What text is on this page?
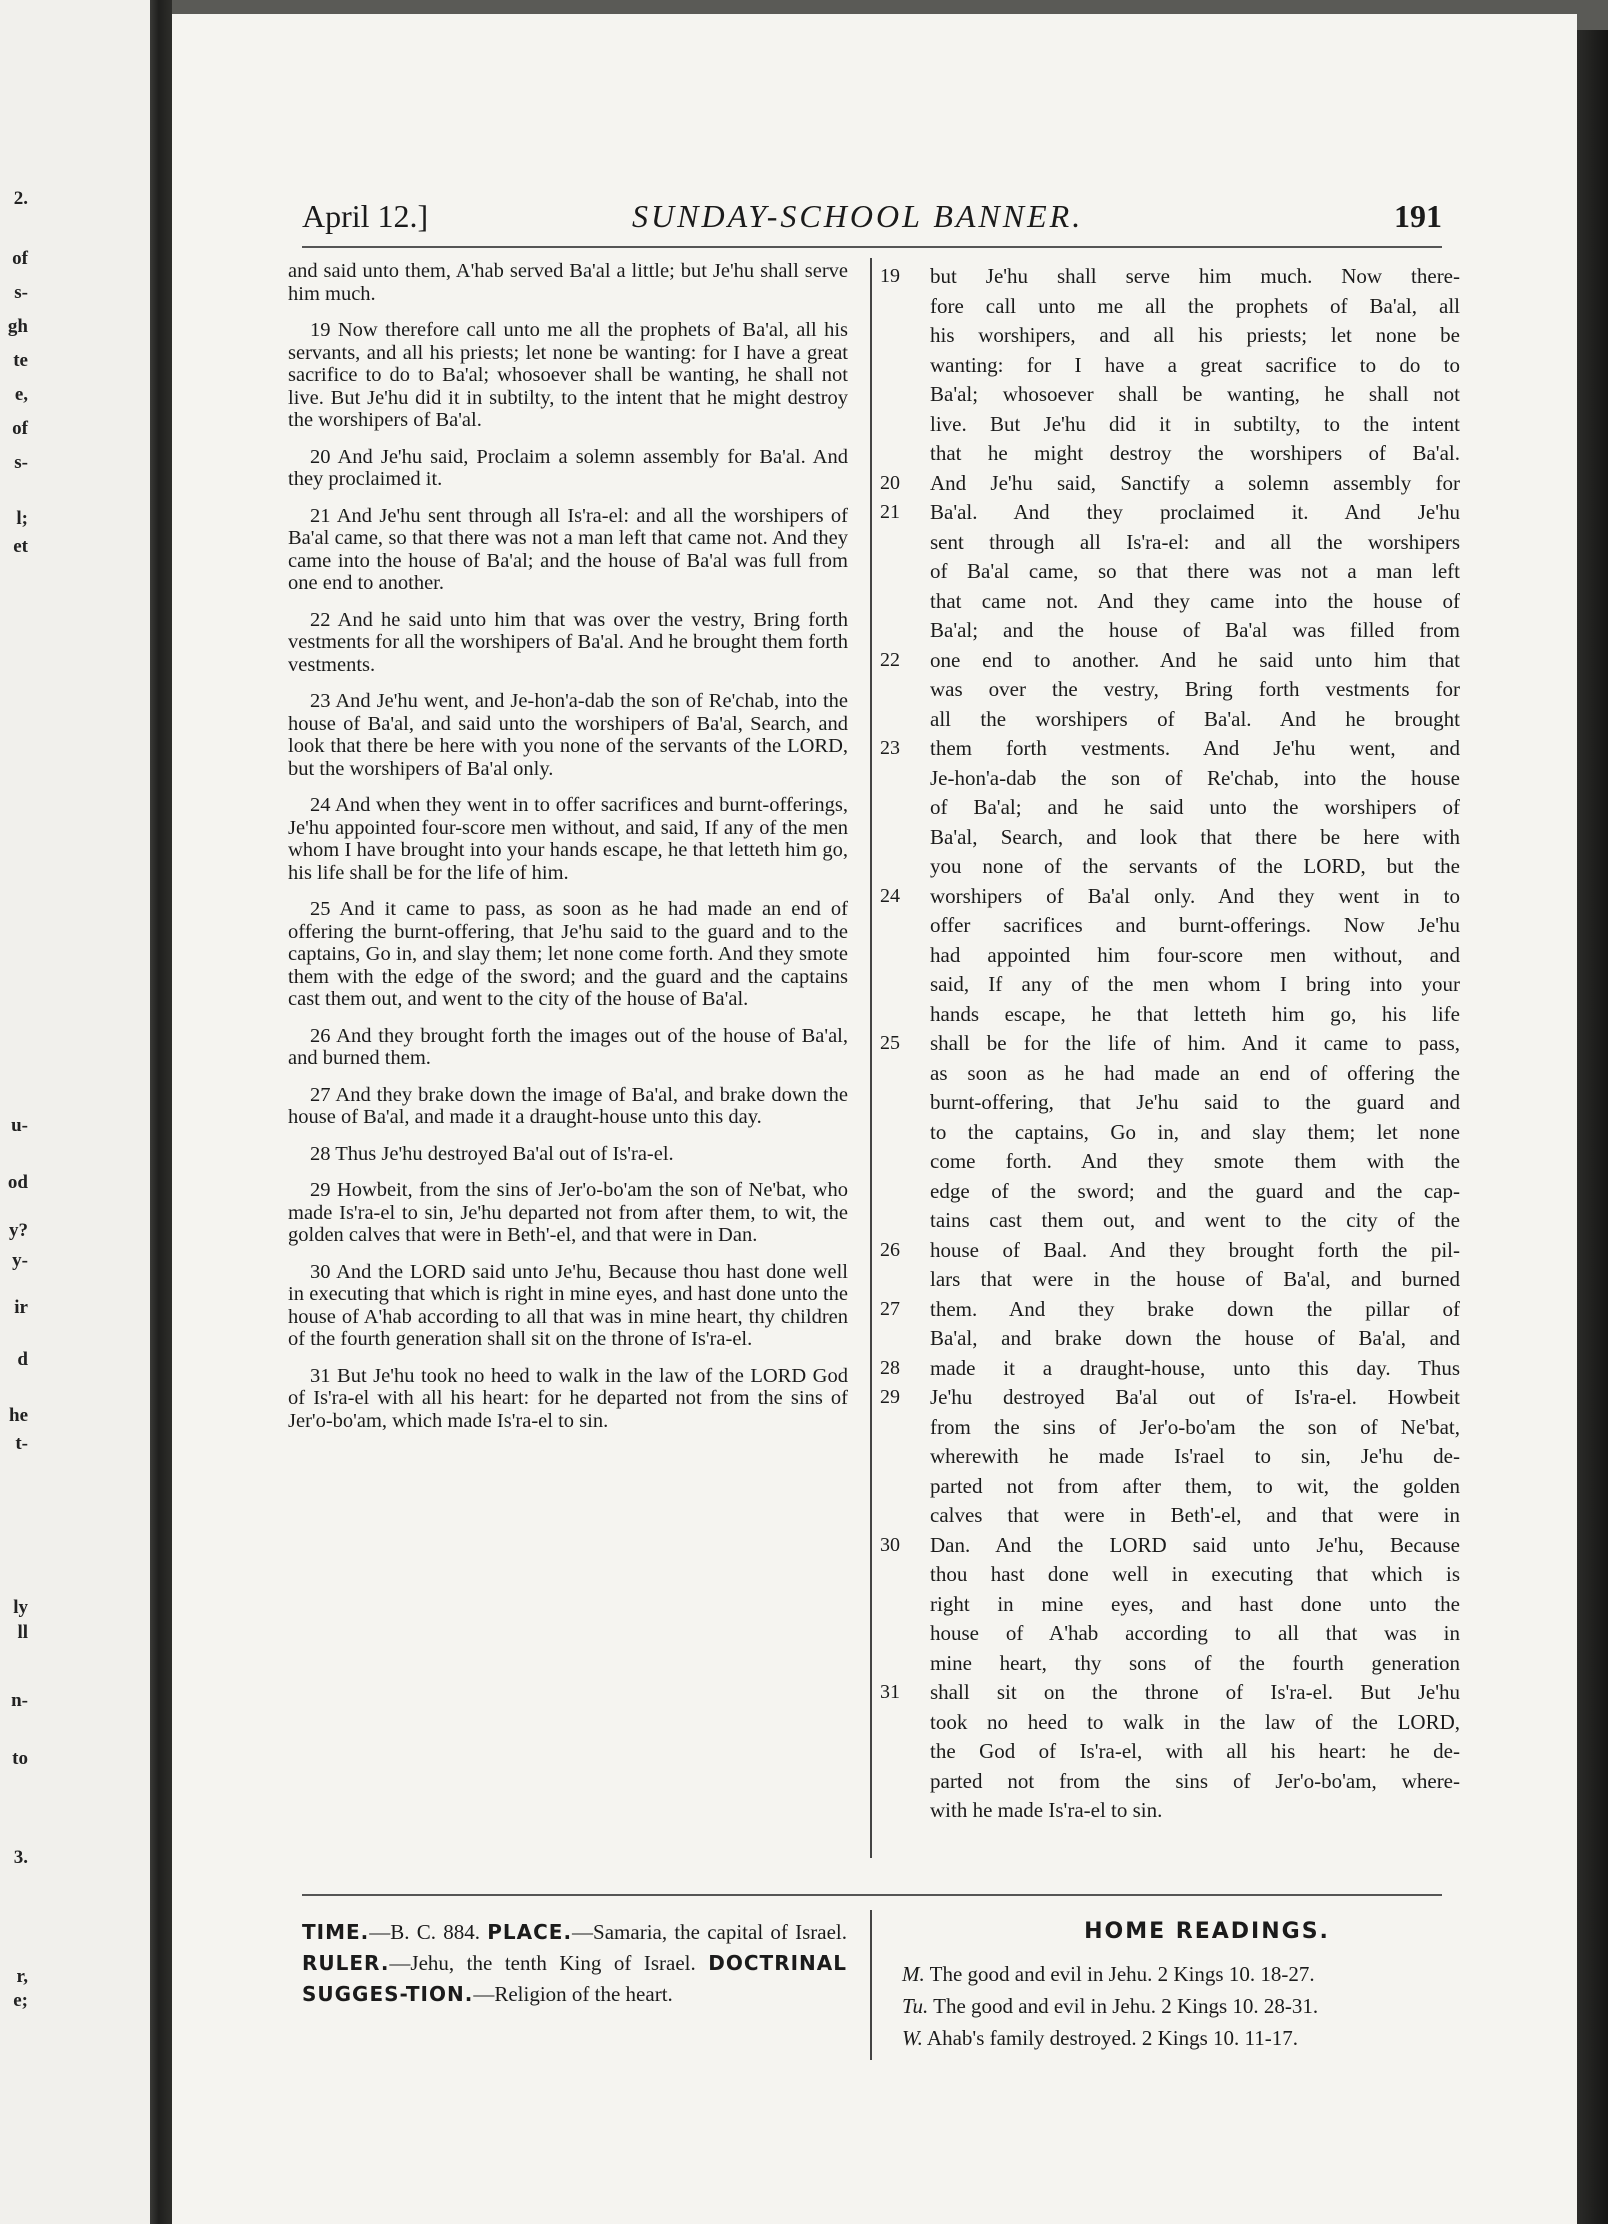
2.
of
s-
gh
te
e,
of
s-
l;
et
u-
od
y?
y-
ir
d
he
t-
ly
ll
n-
to
3.
r,
e;
April 12.]	SUNDAY-SCHOOL BANNER.	191

and said unto them, A'hab served Ba'al a little; but Je'hu shall serve him much.

19 Now therefore call unto me all the prophets of Ba'al, all his servants, and all his priests; let none be wanting: for I have a great sacrifice to do to Ba'al; whosoever shall be wanting, he shall not live. But Je'hu did it in subtilty, to the intent that he might destroy the worshipers of Ba'al.

20 And Je'hu said, Proclaim a solemn assembly for Ba'al. And they proclaimed it.

21 And Je'hu sent through all Is'ra-el: and all the worshipers of Ba'al came, so that there was not a man left that came not. And they came into the house of Ba'al; and the house of Ba'al was full from one end to another.

22 And he said unto him that was over the vestry, Bring forth vestments for all the worshipers of Ba'al. And he brought them forth vestments.

23 And Je'hu went, and Je-hon'a-dab the son of Re'chab, into the house of Ba'al, and said unto the worshipers of Ba'al, Search, and look that there be here with you none of the servants of the LORD, but the worshipers of Ba'al only.

24 And when they went in to offer sacrifices and burnt-offerings, Je'hu appointed four-score men without, and said, If any of the men whom I have brought into your hands escape, he that letteth him go, his life shall be for the life of him.

25 And it came to pass, as soon as he had made an end of offering the burnt-offering, that Je'hu said to the guard and to the captains, Go in, and slay them; let none come forth. And they smote them with the edge of the sword; and the guard and the captains cast them out, and went to the city of the house of Ba'al.

26 And they brought forth the images out of the house of Ba'al, and burned them.

27 And they brake down the image of Ba'al, and brake down the house of Ba'al, and made it a draught-house unto this day.

28 Thus Je'hu destroyed Ba'al out of Is'ra-el.

29 Howbeit, from the sins of Jer'o-bo'am the son of Ne'bat, who made Is'ra-el to sin, Je'hu departed not from after them, to wit, the golden calves that were in Beth'-el, and that were in Dan.

30 And the LORD said unto Je'hu, Because thou hast done well in executing that which is right in mine eyes, and hast done unto the house of A'hab according to all that was in mine heart, thy children of the fourth generation shall sit on the throne of Is'ra-el.

31 But Je'hu took no heed to walk in the law of the LORD God of Is'ra-el with all his heart: for he departed not from the sins of Jer'o-bo'am, which made Is'ra-el to sin.

19	but Je'hu shall serve him much. Now there-
fore call unto me all the prophets of Ba'al, all
his worshipers, and all his priests; let none be
wanting: for I have a great sacrifice to do to
Ba'al; whosoever shall be wanting, he shall not
live. But Je'hu did it in subtilty, to the intent
that he might destroy the worshipers of Ba'al.
20	And Je'hu said, Sanctify a solemn assembly for
21	Ba'al. And they proclaimed it. And Je'hu
sent through all Is'ra-el: and all the worshipers
of Ba'al came, so that there was not a man left
that came not. And they came into the house of
Ba'al; and the house of Ba'al was filled from
22	one end to another. And he said unto him that
was over the vestry, Bring forth vestments for
all the worshipers of Ba'al. And he brought
23	them forth vestments. And Je'hu went, and
Je-hon'a-dab the son of Re'chab, into the house
of Ba'al; and he said unto the worshipers of
Ba'al, Search, and look that there be here with
you none of the servants of the LORD, but the
24	worshipers of Ba'al only. And they went in to
offer sacrifices and burnt-offerings. Now Je'hu
had appointed him four-score men without, and
said, If any of the men whom I bring into your
hands escape, he that letteth him go, his life
25	shall be for the life of him. And it came to pass,
as soon as he had made an end of offering the
burnt-offering, that Je'hu said to the guard and
to the captains, Go in, and slay them; let none
come forth. And they smote them with the
edge of the sword; and the guard and the cap-
tains cast them out, and went to the city of the
26	house of Baal. And they brought forth the pil-
lars that were in the house of Ba'al, and burned
27	them. And they brake down the pillar of
Ba'al, and brake down the house of Ba'al, and
28	made it a draught-house, unto this day. Thus
29	Je'hu destroyed Ba'al out of Is'ra-el. Howbeit
from the sins of Jer'o-bo'am the son of Ne'bat,
wherewith he made Is'rael to sin, Je'hu de-
parted not from after them, to wit, the golden
calves that were in Beth'-el, and that were in
30	Dan. And the LORD said unto Je'hu, Because
thou hast done well in executing that which is
right in mine eyes, and hast done unto the
house of A'hab according to all that was in
mine heart, thy sons of the fourth generation
31	shall sit on the throne of Is'ra-el. But Je'hu
took no heed to walk in the law of the LORD,
the God of Is'ra-el, with all his heart: he de-
parted not from the sins of Jer'o-bo'am, where-
with he made Is'ra-el to sin.
TIME.—B. C. 884. PLACE.—Samaria, the capital of Israel. RULER.—Jehu, the tenth King of Israel. DOCTRINAL SUGGES-TION.—Religion of the heart.
HOME READINGS.
M. The good and evil in Jehu. 2 Kings 10. 18-27.
Tu. The good and evil in Jehu. 2 Kings 10. 28-31.
W. Ahab's family destroyed. 2 Kings 10. 11-17.
